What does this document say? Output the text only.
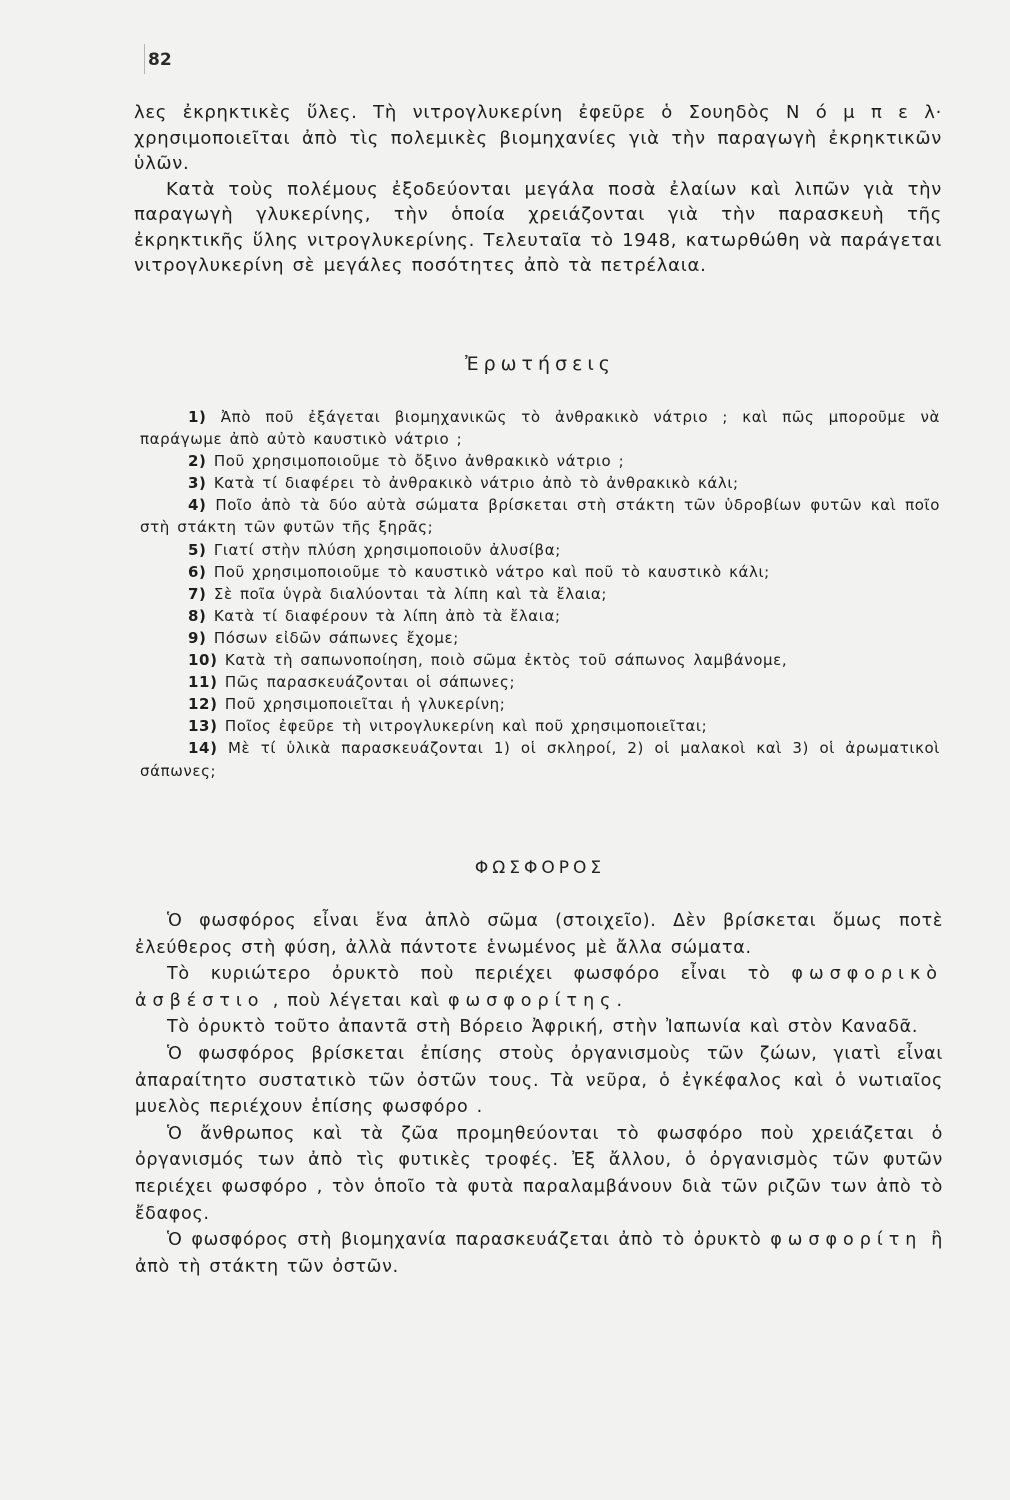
82

λες ἐκρηκτικὲς ὕλες. Τὴ νιτρογλυκερίνη ἐφεῦρε ὁ Σουηδὸς Ν ό μ π ε λ· χρησιμοποιεῖται ἀπὸ τὶς πολεμικὲς βιομηχανίες γιὰ τὴν παραγωγὴ ἐκρηκτικῶν ὑλῶν.

Κατὰ τοὺς πολέμους ἐξοδεύονται μεγάλα ποσὰ ἐλαίων καὶ λιπῶν γιὰ τὴν παραγωγὴ γλυκερίνης, τὴν ὁποία χρειάζονται γιὰ τὴν παρασκευὴ τῆς ἐκρηκτικῆς ὕλης νιτρογλυκερίνης. Τελευταῖα τὸ 1948, κατωρθώθη νὰ παράγεται νιτρογλυκερίνη σὲ μεγάλες ποσότητες ἀπὸ τὰ πετρέλαια.

Ἐρωτήσεις

1) Ἀπὸ ποῦ ἐξάγεται βιομηχανικῶς τὸ ἀνθρακικὸ νάτριο ; καὶ πῶς μποροῦμε νὰ παράγωμε ἀπὸ αὐτὸ καυστικὸ νάτριο ;

2) Ποῦ χρησιμοποιοῦμε τὸ ὄξινο ἀνθρακικὸ νάτριο ;

3) Κατὰ τί διαφέρει τὸ ἀνθρακικὸ νάτριο ἀπὸ τὸ ἀνθρακικὸ κάλι;

4) Ποῖο ἀπὸ τὰ δύο αὐτὰ σώματα βρίσκεται στὴ στάκτη τῶν ὑδροβίων φυτῶν καὶ ποῖο στὴ στάκτη τῶν φυτῶν τῆς ξηρᾶς;

5) Γιατί στὴν πλύση χρησιμοποιοῦν ἀλυσίβα;

6) Ποῦ χρησιμοποιοῦμε τὸ καυστικὸ νάτρο καὶ ποῦ τὸ καυστικὸ κάλι;

7) Σὲ ποῖα ὑγρὰ διαλύονται τὰ λίπη καὶ τὰ ἔλαια;

8) Κατὰ τί διαφέρουν τὰ λίπη ἀπὸ τὰ ἔλαια;

9) Πόσων εἰδῶν σάπωνες ἔχομε;

10) Κατὰ τὴ σαπωνοποίηση, ποιὸ σῶμα ἐκτὸς τοῦ σάπωνος λαμβάνομε,

11) Πῶς παρασκευάζονται οἱ σάπωνες;

12) Ποῦ χρησιμοποιεῖται ἡ γλυκερίνη;

13) Ποῖος ἐφεῦρε τὴ νιτρογλυκερίνη καὶ ποῦ χρησιμοποιεῖται;

14) Μὲ τί ὑλικὰ παρασκευάζονται 1) οἱ σκληροί, 2) οἱ μαλακοὶ καὶ 3) οἱ ἀρωματικοὶ σάπωνες;

ΦΩΣΦΟΡΟΣ

Ὁ φωσφόρος εἶναι ἕνα ἁπλὸ σῶμα (στοιχεῖο). Δὲν βρίσκεται ὅμως ποτὲ ἐλεύθερος στὴ φύση, ἀλλὰ πάντοτε ἑνωμένος μὲ ἄλλα σώματα.

Τὸ κυριώτερο ὀρυκτὸ ποὺ περιέχει φωσφόρο εἶναι τὸ φωσφορικὸ ἀσβέστιο , ποὺ λέγεται καὶ φωσφορίτης.

Τὸ ὀρυκτὸ τοῦτο ἀπαντᾶ στὴ Βόρειο Ἀφρική, στὴν Ἰαπωνία καὶ στὸν Καναδᾶ.

Ὁ φωσφόρος βρίσκεται ἐπίσης στοὺς ὀργανισμοὺς τῶν ζώων, γιατὶ εἶναι ἀπαραίτητο συστατικὸ τῶν ὀστῶν τους. Τὰ νεῦρα, ὁ ἐγκέφαλος καὶ ὁ νωτιαῖος μυελὸς περιέχουν ἐπίσης φωσφόρο .

Ὁ ἄνθρωπος καὶ τὰ ζῶα προμηθεύονται τὸ φωσφόρο ποὺ χρειάζεται ὁ ὀργανισμός των ἀπὸ τὶς φυτικὲς τροφές. Ἐξ ἄλλου, ὁ ὀργανισμὸς τῶν φυτῶν περιέχει φωσφόρο , τὸν ὁποῖο τὰ φυτὰ παραλαμβάνουν διὰ τῶν ριζῶν των ἀπὸ τὸ ἔδαφος.

Ὁ φωσφόρος στὴ βιομηχανία παρασκευάζεται ἀπὸ τὸ ὀρυκτὸ φωσφορίτη ἢ ἀπὸ τὴ στάκτη τῶν ὀστῶν.
